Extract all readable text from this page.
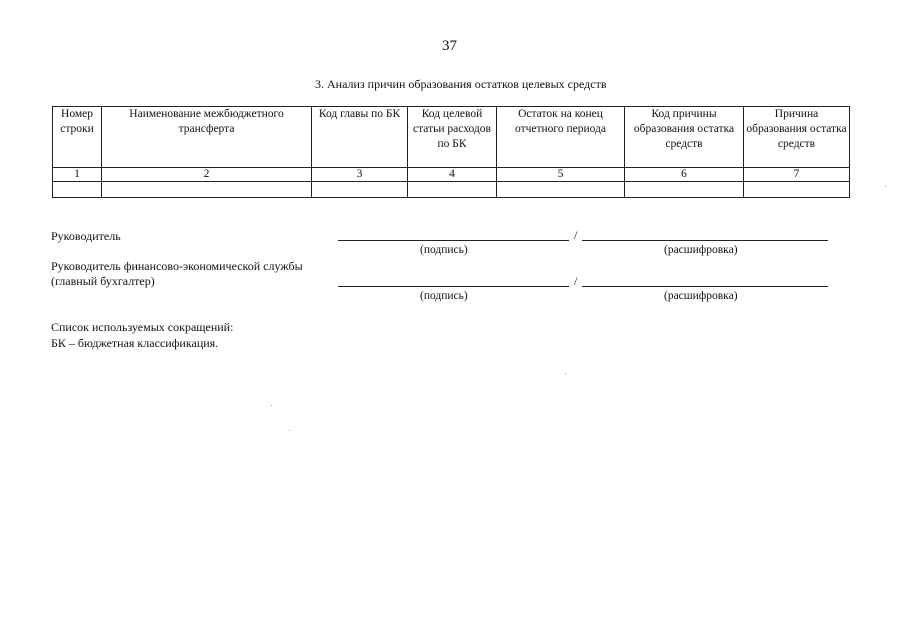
37
3. Анализ причин образования остатков целевых средств
Номер строки	Наименование межбюджетного трансферта	Код главы по БК	Код целевой статьи расходов по БК	Остаток на конец отчетного периода	Код причины образования остатка средств	Причина образования остатка средств
1	2	3	4	5	6	7

Руководитель	/
(подпись)	(расшифровка)
Руководитель финансово-экономической службы
(главный бухгалтер)	/
(подпись)	(расшифровка)
Список используемых сокращений:
БК – бюджетная классификация.
